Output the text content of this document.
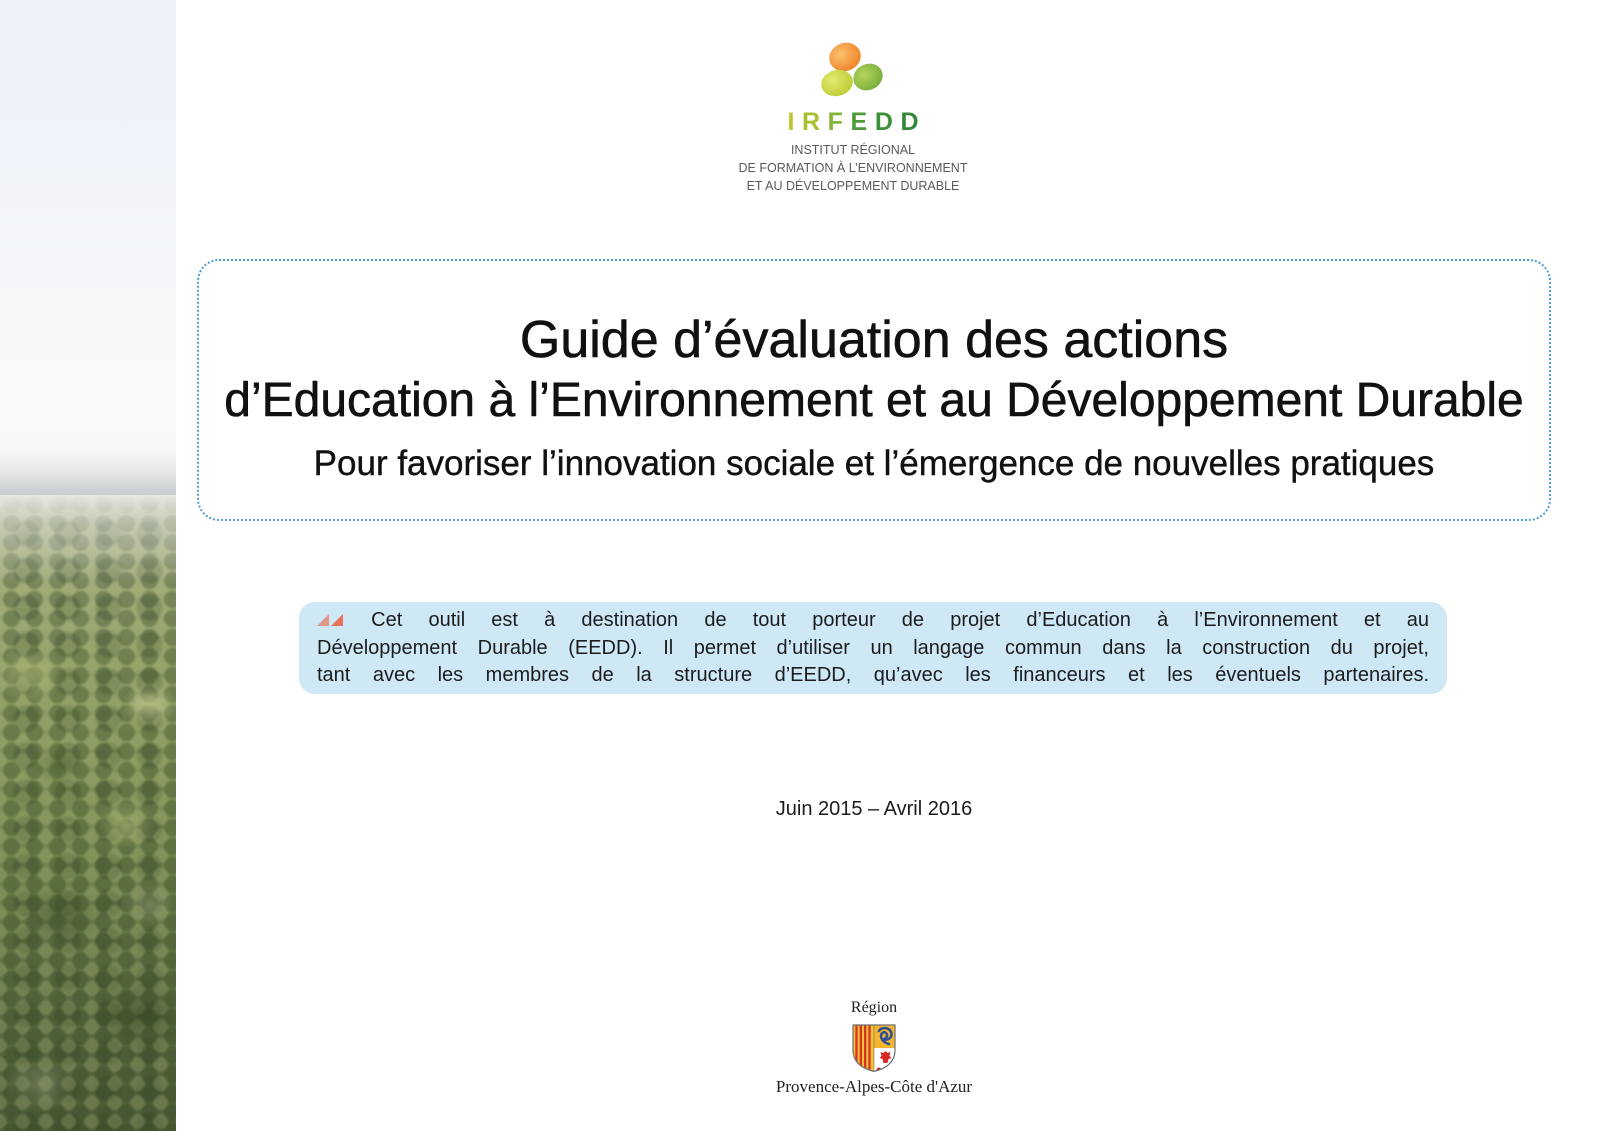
IRFEDD
INSTITUT RÉGIONAL
DE FORMATION À L’ENVIRONNEMENT
ET AU DÉVELOPPEMENT DURABLE
Guide d’évaluation des actions
d’Education à l’Environnement et au Développement Durable
Pour favoriser l’innovation sociale et l’émergence de nouvelles pratiques
Cet outil est à destination de tout porteur de projet d’Education à l’Environnement et au
Développement Durable (EEDD). Il permet d’utiliser un langage commun dans la construction du projet,
tant avec les membres de la structure d’EEDD, qu’avec les financeurs et les éventuels partenaires.
Juin 2015 – Avril 2016
Région
Provence-Alpes-Côte d'Azur
